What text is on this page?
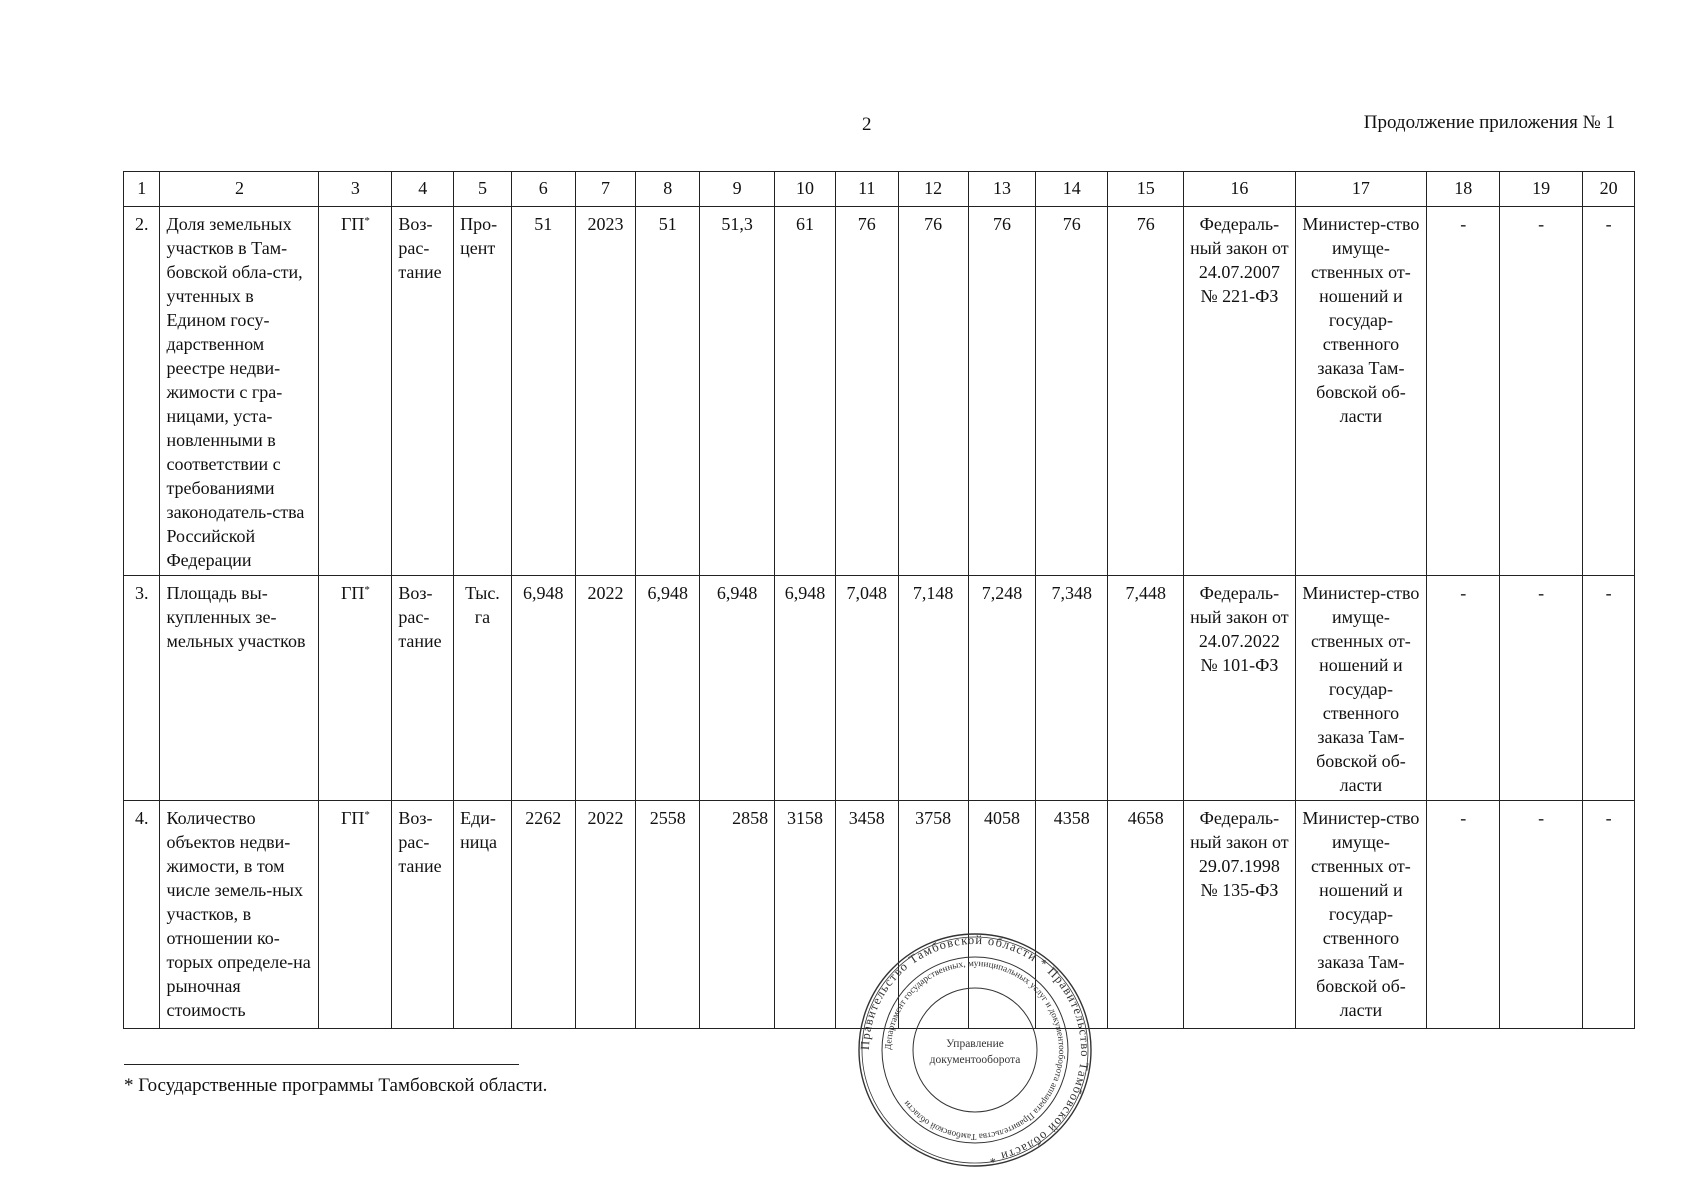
2	Продолжение приложения № 1
1	2	3	4	5	6	7	8	9	10	11	12	13	14	15	16	17	18	19	20
2.	Доля земельных участков в Там-бовской обла-сти, учтенных в Едином госу-дарственном реестре недви-жимости с гра-ницами, уста-новленными в соответствии с требованиями законодатель-ства Российской Федерации	ГП*	Воз-рас-тание	Про-цент	51	2023	51	51,3	61	76	76	76	76	76	Федераль-ный закон от 24.07.2007 № 221-ФЗ	Министер-ство имуще-ственных от-ношений и государ-ственного заказа Там-бовской об-ласти	-	-	-
3.	Площадь вы-купленных зе-мельных участков	ГП*	Воз-рас-тание	Тыс. га	6,948	2022	6,948	6,948	6,948	7,048	7,148	7,248	7,348	7,448	Федераль-ный закон от 24.07.2022 № 101-ФЗ	Министер-ство имуще-ственных от-ношений и государ-ственного заказа Там-бовской об-ласти	-	-	-
4.	Количество объектов недви-жимости, в том числе земель-ных участков, в отношении ко-торых определе-на рыночная стоимость	ГП*	Воз-рас-тание	Еди-ница	2262	2022	2558	2858	3158	3458	3758	4058	4358	4658	Федераль-ный закон от 29.07.1998 № 135-ФЗ	Министер-ство имуще-ственных от-ношений и государ-ственного заказа Там-бовской об-ласти	-	-	-
* Государственные программы Тамбовской области.
Правительство Тамбовской области * Правительство Тамбовской области *
Департамент государственных, муниципальных услуг и документооборота аппарата Правительства Тамбовской области
Управление
документооборота
